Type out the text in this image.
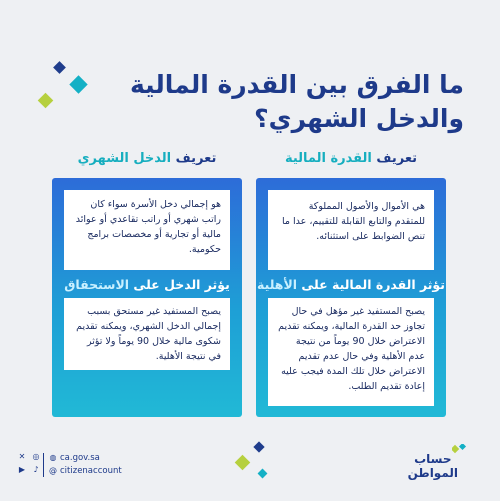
ما الفرق بين القدرة المالية والدخل الشهري؟
تعريف القدرة المالية
تعريف الدخل الشهري

هي الأموال والأصول المملوكة للمتقدم والتابع القابلة للتقييم، عدا ما تنص الضوابط على استثنائه.

تؤثر القدرة المالية على الأهلية

يصبح المستفيد غير مؤهل في حال تجاوز حد القدرة المالية، ويمكنه تقديم الاعتراض خلال 90 يوماً من نتيجة عدم الأهلية وفي حال عدم تقديم الاعتراض خلال تلك المدة فيجب عليه إعادة تقديم الطلب.

هو إجمالي دخل الأسرة سواء كان راتب شهري أو راتب تقاعدي أو عوائد مالية أو تجارية أو مخصصات برامج حكومية.

يؤثر الدخل على الاستحقاق

يصبح المستفيد غير مستحق بسبب إجمالي الدخل الشهري، ويمكنه تقديم شكوى مالية خلال 90 يوماً ولا تؤثر في نتيجة الأهلية.

✕ ◎
▶ ♪
◍ ca.gov.sa
@ citizenaccount
حساب
المواطن
